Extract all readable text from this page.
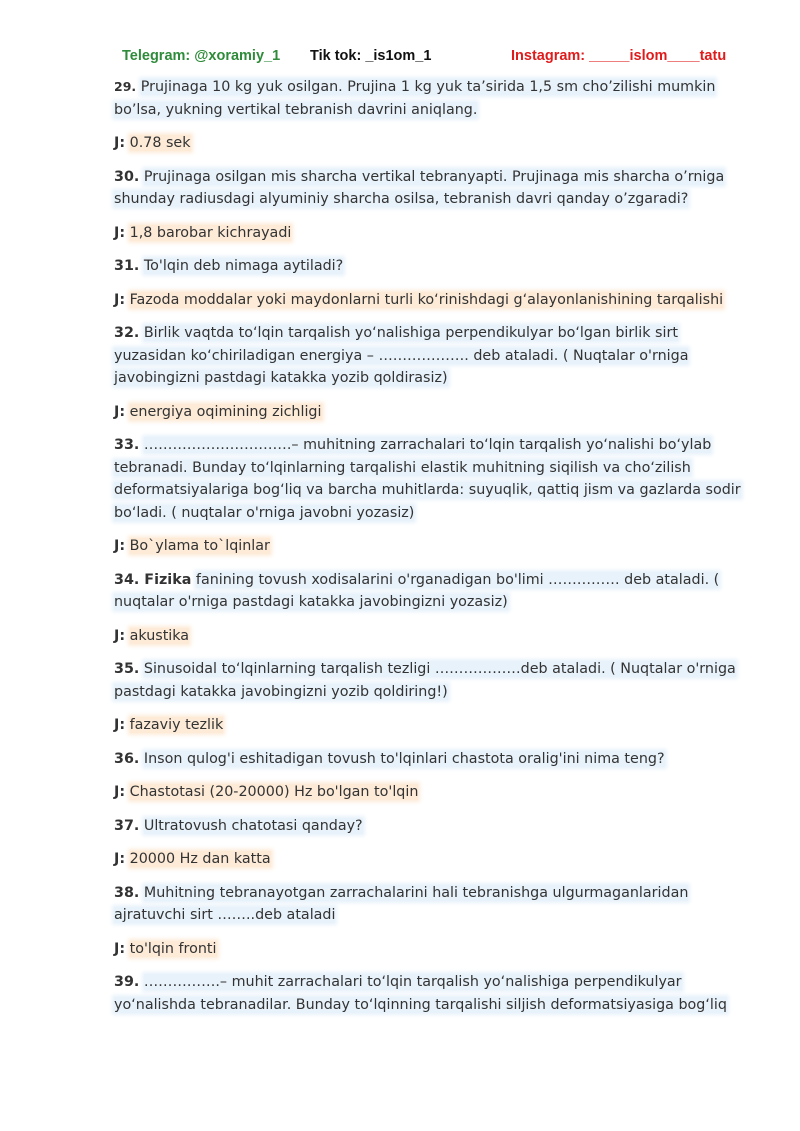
Telegram: @xoramiy_1 Tik tok: _is1om_1	Instagram: _____islom____tatu

29. Prujinaga 10 kg yuk osilgan. Prujina 1 kg yuk ta’sirida 1,5 sm cho’zilishi mumkin bo’lsa, yukning vertikal tebranish davrini aniqlang.

J: 0.78 sek

30. Prujinaga osilgan mis sharcha vertikal tebranyapti. Prujinaga mis sharcha o’rniga shunday radiusdagi alyuminiy sharcha osilsa, tebranish davri qanday o’zgaradi?

J: 1,8 barobar kichrayadi

31. To'lqin deb nimaga aytiladi?

J: Fazoda moddalar yoki maydonlarni turli ko‘rinishdagi g‘alayonlanishining tarqalishi

32. Birlik vaqtda to‘lqin tarqalish yo‘nalishiga perpendikulyar bo‘lgan birlik sirt yuzasidan ko‘chiriladigan energiya – ………………. deb ataladi. ( Nuqtalar o'rniga javobingizni pastdagi katakka yozib qoldirasiz)

J: energiya oqimining zichligi

33. ………………………….– muhitning zarrachalari to‘lqin tarqalish yo‘nalishi bo‘ylab tebranadi. Bunday to‘lqinlarning tarqalishi elastik muhitning siqilish va cho‘zilish deformatsiyalariga bog‘liq va barcha muhitlarda: suyuqlik, qattiq jism va gazlarda sodir bo‘ladi. ( nuqtalar o'rniga javobni yozasiz)

J: Bo`ylama to`lqinlar

34. Fizika fanining tovush xodisalarini o'rganadigan bo'limi …………… deb ataladi. ( nuqtalar o'rniga pastdagi katakka javobingizni yozasiz)

J: akustika

35. Sinusoidal to‘lqinlarning tarqalish tezligi ………………deb ataladi. ( Nuqtalar o'rniga pastdagi katakka javobingizni yozib qoldiring!)

J: fazaviy tezlik

36. Inson qulog'i eshitadigan tovush to'lqinlari chastota oralig'ini nima teng?

J: Chastotasi (20-20000) Hz bo'lgan to'lqin

37. Ultratovush chatotasi qanday?

J: 20000 Hz dan katta

38. Muhitning tebranayotgan zarrachalarini hali tebranishga ulgurmaganlaridan ajratuvchi sirt ……..deb ataladi

J: to'lqin fronti

39. …………….– muhit zarrachalari to‘lqin tarqalish yo‘nalishiga perpendikulyar yo‘nalishda tebranadilar. Bunday to‘lqinning tarqalishi siljish deformatsiyasiga bog‘liq
